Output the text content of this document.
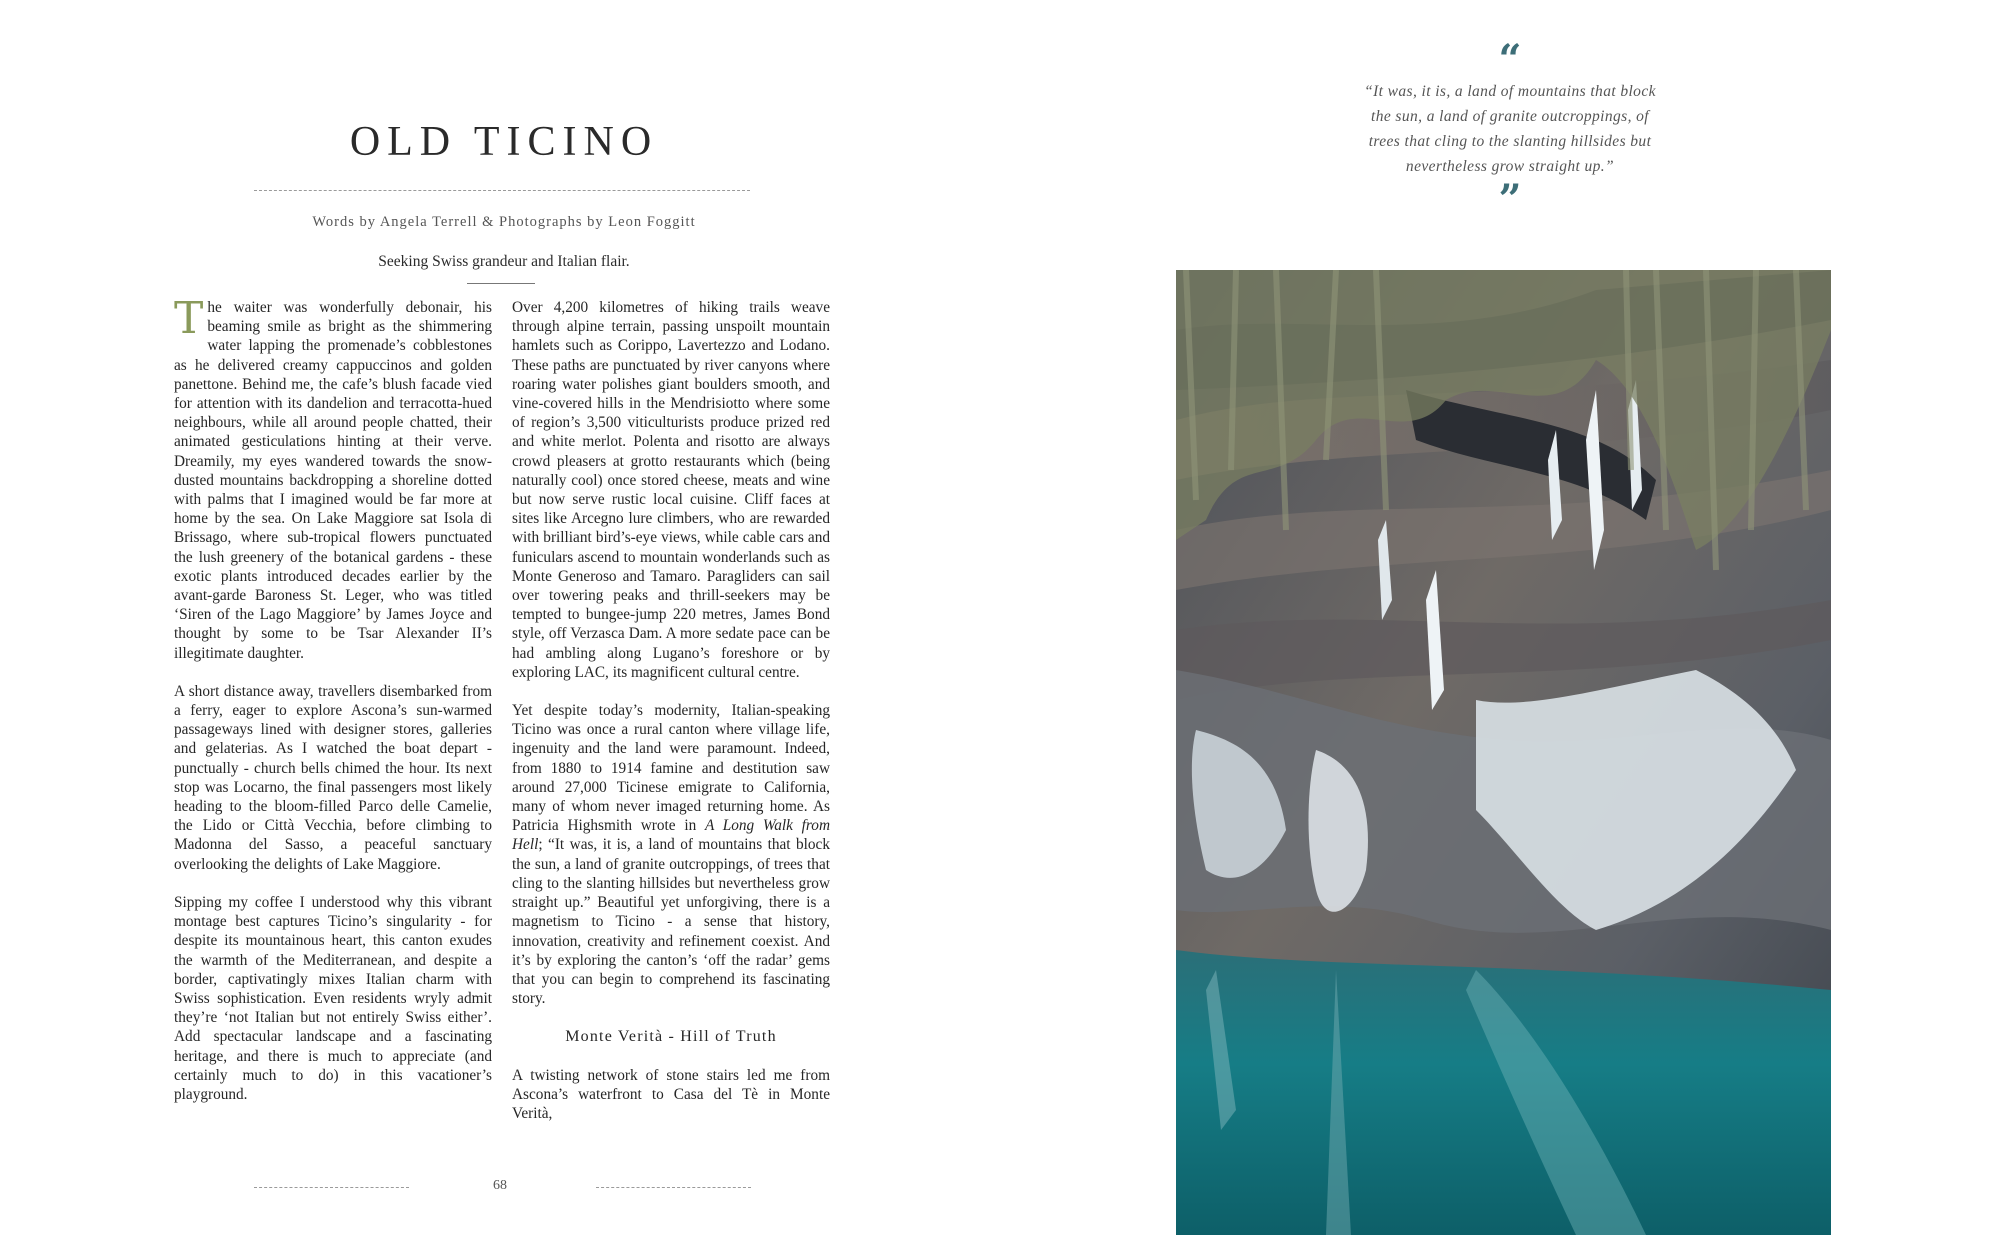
OLD TICINO
Words by Angela Terrell & Photographs by Leon Foggitt
Seeking Swiss grandeur and Italian flair.

The waiter was wonderfully debonair, his beaming smile as bright as the shimmering water lapping the promenade’s cobblestones as he delivered creamy cappuccinos and golden panettone. Behind me, the cafe’s blush facade vied for attention with its dandelion and terracotta-hued neighbours, while all around people chatted, their animated gesticulations hinting at their verve. Dreamily, my eyes wandered towards the snow-dusted mountains backdropping a shoreline dotted with palms that I imagined would be far more at home by the sea. On Lake Maggiore sat Isola di Brissago, where sub-tropical flowers punctuated the lush greenery of the botanical gardens - these exotic plants introduced decades earlier by the avant-garde Baroness St. Leger, who was titled ‘Siren of the Lago Maggiore’ by James Joyce and thought by some to be Tsar Alexander II’s illegitimate daughter.

A short distance away, travellers disembarked from a ferry, eager to explore Ascona’s sun-warmed passageways lined with designer stores, galleries and gelaterias. As I watched the boat depart - punctually - church bells chimed the hour. Its next stop was Locarno, the final passengers most likely heading to the bloom-filled Parco delle Camelie, the Lido or Città Vecchia, before climbing to Madonna del Sasso, a peaceful sanctuary overlooking the delights of Lake Maggiore.

Sipping my coffee I understood why this vibrant montage best captures Ticino’s singularity - for despite its mountainous heart, this canton exudes the warmth of the Mediterranean, and despite a border, captivatingly mixes Italian charm with Swiss sophistication. Even residents wryly admit they’re ‘not Italian but not entirely Swiss either’. Add spectacular landscape and a fascinating heritage, and there is much to appreciate (and certainly much to do) in this vacationer’s playground.

Over 4,200 kilometres of hiking trails weave through alpine terrain, passing unspoilt mountain hamlets such as Corippo, Lavertezzo and Lodano. These paths are punctuated by river canyons where roaring water polishes giant boulders smooth, and vine-covered hills in the Mendrisiotto where some of region’s 3,500 viticulturists produce prized red and white merlot. Polenta and risotto are always crowd pleasers at grotto restaurants which (being naturally cool) once stored cheese, meats and wine but now serve rustic local cuisine. Cliff faces at sites like Arcegno lure climbers, who are rewarded with brilliant bird’s-eye views, while cable cars and funiculars ascend to mountain wonderlands such as Monte Generoso and Tamaro. Paragliders can sail over towering peaks and thrill-seekers may be tempted to bungee-jump 220 metres, James Bond style, off Verzasca Dam. A more sedate pace can be had ambling along Lugano’s foreshore or by exploring LAC, its magnificent cultural centre.

Yet despite today’s modernity, Italian-speaking Ticino was once a rural canton where village life, ingenuity and the land were paramount. Indeed, from 1880 to 1914 famine and destitution saw around 27,000 Ticinese emigrate to California, many of whom never imaged returning home. As Patricia Highsmith wrote in A Long Walk from Hell; “It was, it is, a land of mountains that block the sun, a land of granite outcroppings, of trees that cling to the slanting hillsides but nevertheless grow straight up.” Beautiful yet unforgiving, there is a magnetism to Ticino - a sense that history, innovation, creativity and refinement coexist. And it’s by exploring the canton’s ‘off the radar’ gems that you can begin to comprehend its fascinating story.

Monte Verità - Hill of Truth

A twisting network of stone stairs led me from Ascona’s waterfront to Casa del Tè in Monte Verità,

68
“
“It was, it is, a land of mountains that block the sun, a land of granite outcroppings, of trees that cling to the slanting hillsides but nevertheless grow straight up.”
”
